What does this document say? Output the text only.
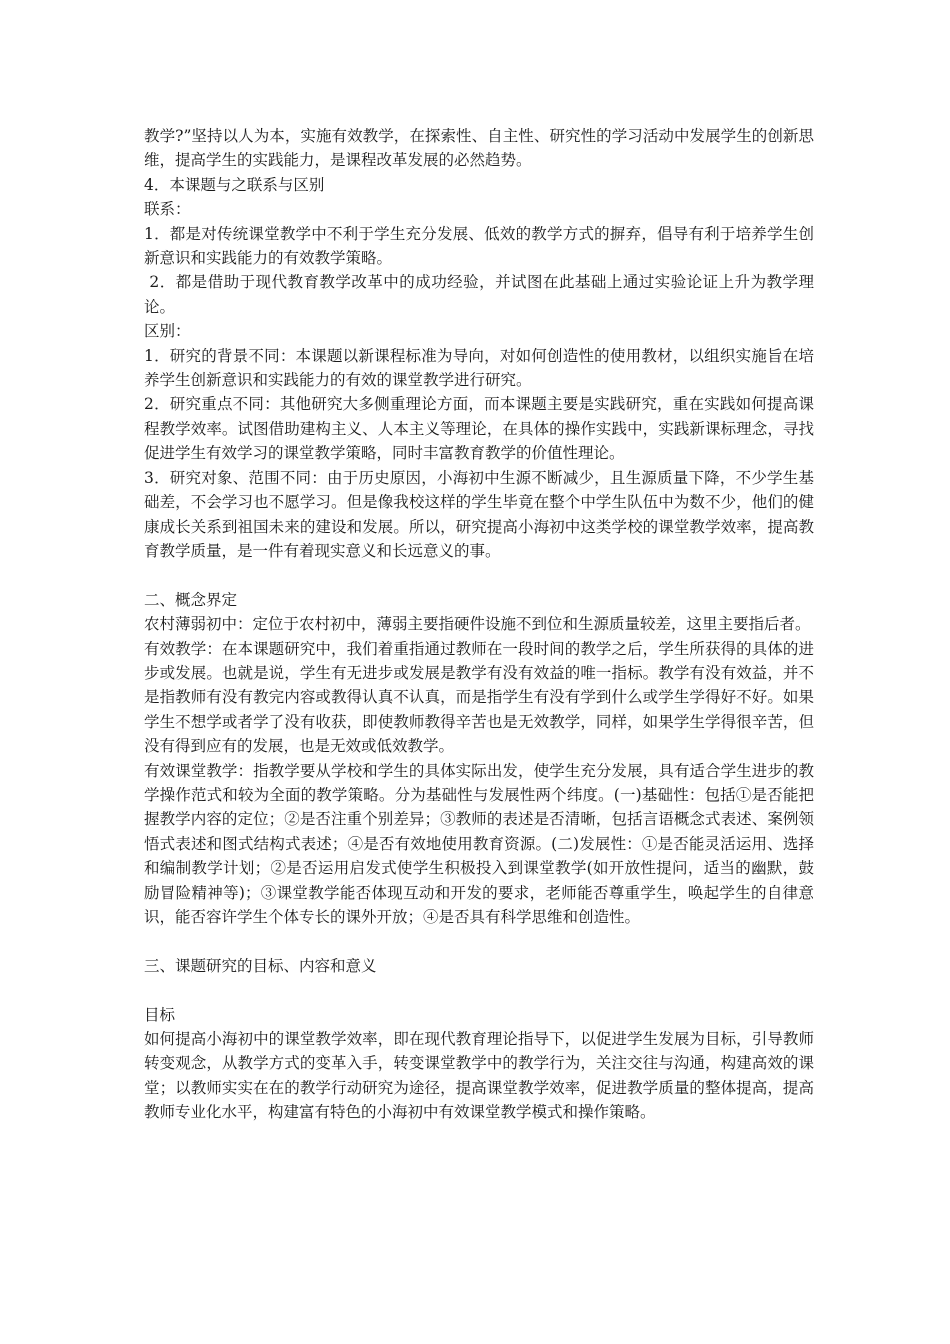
教学?”坚持以人为本，实施有效教学，在探索性、自主性、研究性的学习活动中发展学生的创新思维，提高学生的实践能力，是课程改革发展的必然趋势。

4．本课题与之联系与区别

联系：

1．都是对传统课堂教学中不利于学生充分发展、低效的教学方式的摒弃，倡导有利于培养学生创新意识和实践能力的有效教学策略。

2．都是借助于现代教育教学改革中的成功经验，并试图在此基础上通过实验论证上升为教学理论。

区别：

1．研究的背景不同：本课题以新课程标准为导向，对如何创造性的使用教材，以组织实施旨在培养学生创新意识和实践能力的有效的课堂教学进行研究。

2．研究重点不同：其他研究大多侧重理论方面，而本课题主要是实践研究，重在实践如何提高课程教学效率。试图借助建构主义、人本主义等理论，在具体的操作实践中，实践新课标理念，寻找促进学生有效学习的课堂教学策略，同时丰富教育教学的价值性理论。

3．研究对象、范围不同：由于历史原因，小海初中生源不断减少，且生源质量下降，不少学生基础差，不会学习也不愿学习。但是像我校这样的学生毕竟在整个中学生队伍中为数不少，他们的健康成长关系到祖国未来的建设和发展。所以，研究提高小海初中这类学校的课堂教学效率，提高教育教学质量，是一件有着现实意义和长远意义的事。

二、概念界定

农村薄弱初中：定位于农村初中，薄弱主要指硬件设施不到位和生源质量较差，这里主要指后者。

有效教学：在本课题研究中，我们着重指通过教师在一段时间的教学之后，学生所获得的具体的进步或发展。也就是说，学生有无进步或发展是教学有没有效益的唯一指标。教学有没有效益，并不是指教师有没有教完内容或教得认真不认真，而是指学生有没有学到什么或学生学得好不好。如果学生不想学或者学了没有收获，即使教师教得辛苦也是无效教学，同样，如果学生学得很辛苦，但没有得到应有的发展，也是无效或低效教学。

有效课堂教学：指教学要从学校和学生的具体实际出发，使学生充分发展，具有适合学生进步的教学操作范式和较为全面的教学策略。分为基础性与发展性两个纬度。(一)基础性：包括①是否能把握教学内容的定位；②是否注重个别差异；③教师的表述是否清晰，包括言语概念式表述、案例领悟式表述和图式结构式表述；④是否有效地使用教育资源。(二)发展性：①是否能灵活运用、选择和编制教学计划；②是否运用启发式使学生积极投入到课堂教学(如开放性提问，适当的幽默，鼓励冒险精神等)；③课堂教学能否体现互动和开发的要求，老师能否尊重学生，唤起学生的自律意识，能否容许学生个体专长的课外开放；④是否具有科学思维和创造性。

三、课题研究的目标、内容和意义

目标

如何提高小海初中的课堂教学效率，即在现代教育理论指导下，以促进学生发展为目标，引导教师转变观念，从教学方式的变革入手，转变课堂教学中的教学行为，关注交往与沟通，构建高效的课堂；以教师实实在在的教学行动研究为途径，提高课堂教学效率，促进教学质量的整体提高，提高教师专业化水平，构建富有特色的小海初中有效课堂教学模式和操作策略。
